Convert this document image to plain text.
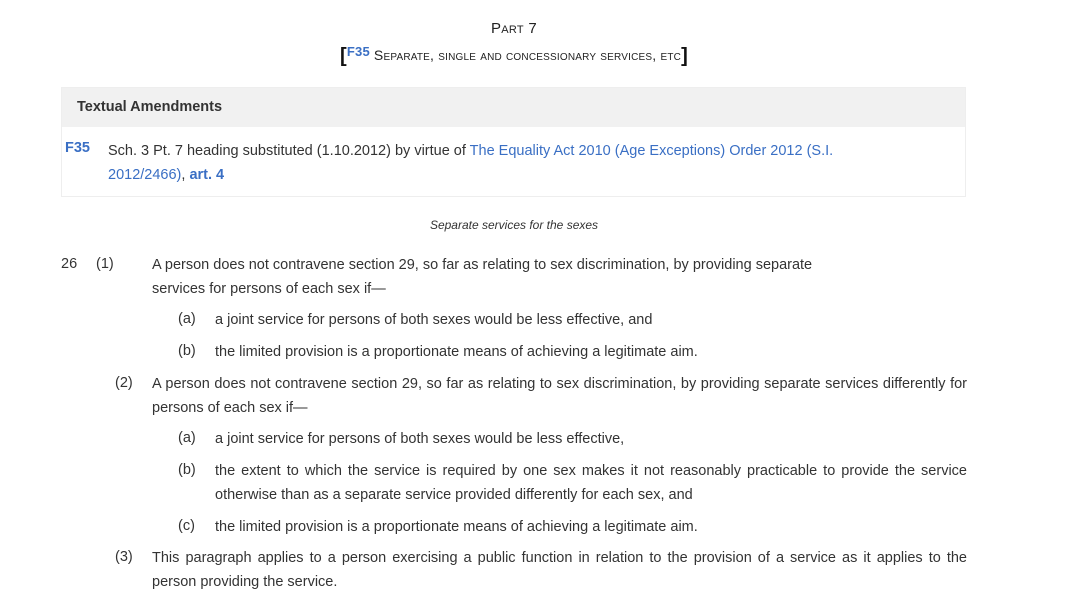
Part 7
[F35 Separate, single and concessionary services, etc]
Textual Amendments
F35 Sch. 3 Pt. 7 heading substituted (1.10.2012) by virtue of The Equality Act 2010 (Age Exceptions) Order 2012 (S.I. 2012/2466), art. 4
Separate services for the sexes
26 (1)	A person does not contravene section 29, so far as relating to sex discrimination, by providing separate services for persons of each sex if—
(a) a joint service for persons of both sexes would be less effective, and
(b) the limited provision is a proportionate means of achieving a legitimate aim.
(2) A person does not contravene section 29, so far as relating to sex discrimination, by providing separate services differently for persons of each sex if—
(a) a joint service for persons of both sexes would be less effective,
(b) the extent to which the service is required by one sex makes it not reasonably practicable to provide the service otherwise than as a separate service provided differently for each sex, and
(c) the limited provision is a proportionate means of achieving a legitimate aim.
(3) This paragraph applies to a person exercising a public function in relation to the provision of a service as it applies to the person providing the service.
